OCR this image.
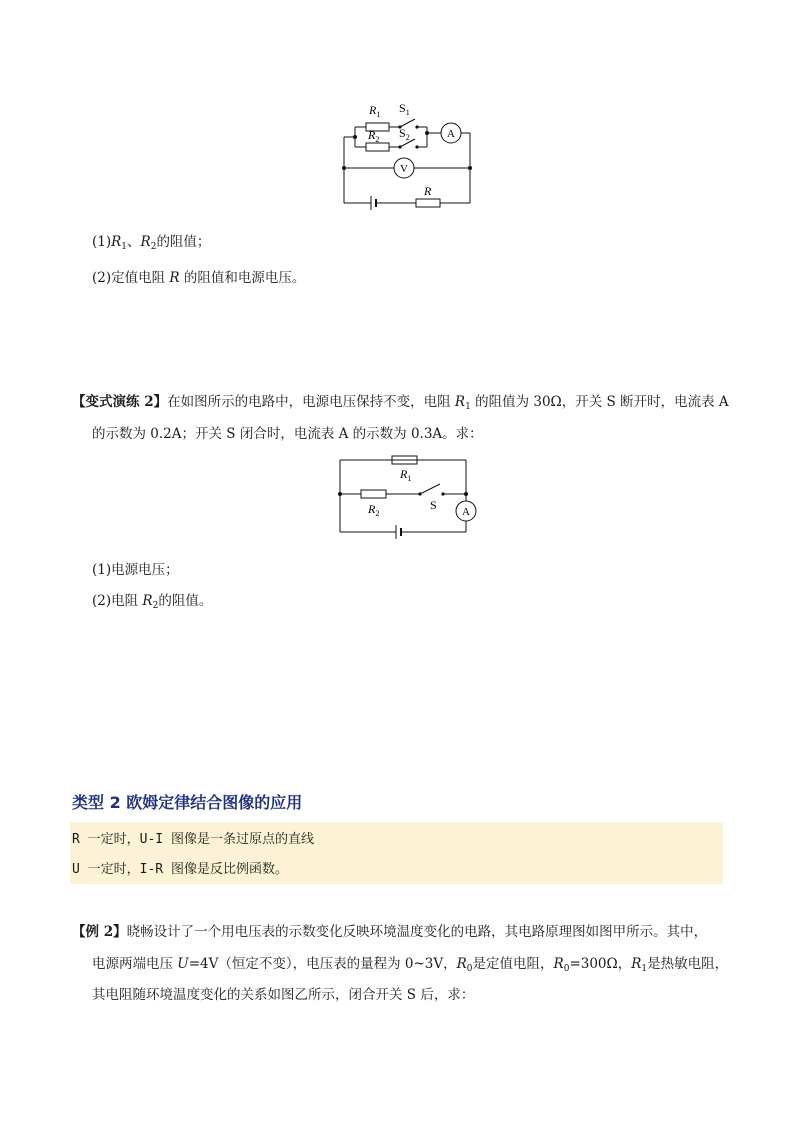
$R_1$ $S_1$
$R_2$ $S_2$	A
V
R
$(1)R_1$、$R_2$的阻值；
(2)定值电阻 R 的阻值和电源电压。
【变式演练 2】在如图所示的电路中，电源电压保持不变，电阻 $R_1$ 的阻值为 30Ω，开关 S 断开时，电流表 A
的示数为 0.2A；开关 S 闭合时，电流表 A 的示数为 0.3A。求：
$R_1$
$R_2$
S A
(1)电源电压；
(2)电阻 $R_2$的阻值。
类型 2 欧姆定律结合图像的应用
R 一定时，U-I 图像是一条过原点的直线
U 一定时，I-R 图像是反比例函数。
【例 2】晓畅设计了一个用电压表的示数变化反映环境温度变化的电路，其电路原理图如图甲所示。其中，
电源两端电压 U=4V（恒定不变），电压表的量程为 0~3V，$R_0$是定值电阻，$R_0=300\Omega$，$R_1$是热敏电阻，
其电阻随环境温度变化的关系如图乙所示，闭合开关 S 后，求：
